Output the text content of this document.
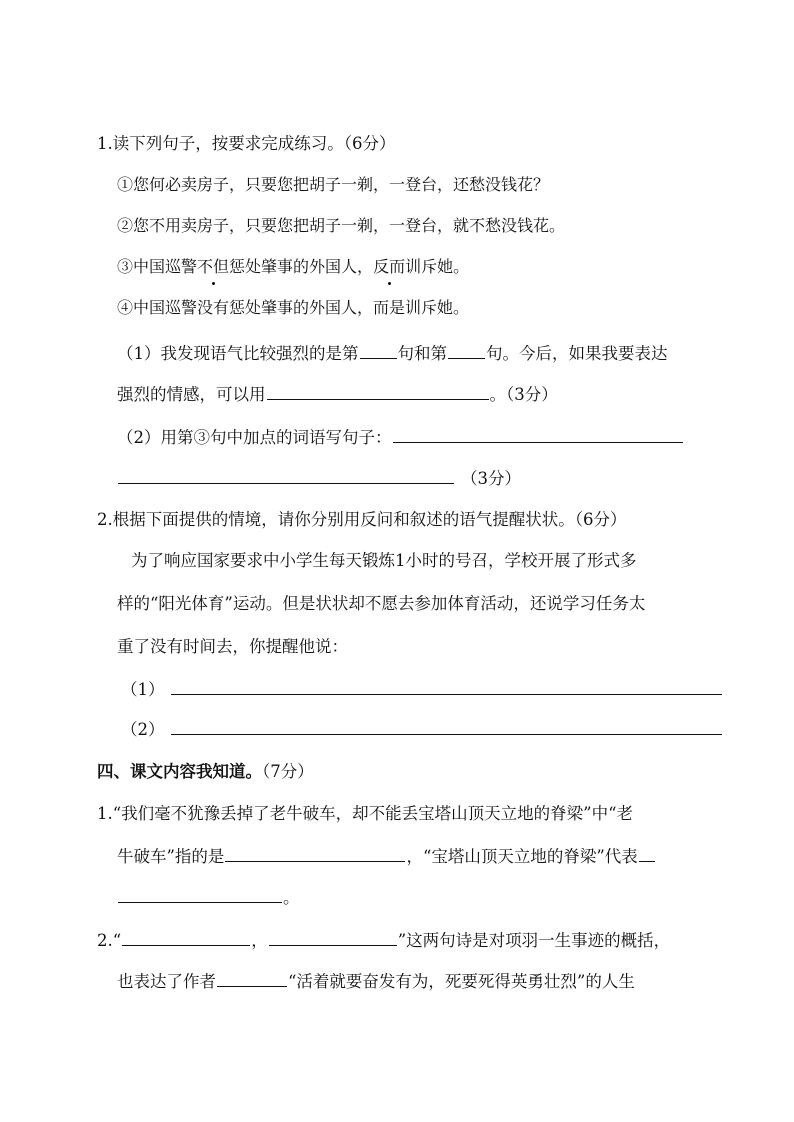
1.读下列句子，按要求完成练习。（6分）
①您何必卖房子，只要您把胡子一剃，一登台，还愁没钱花？
②您不用卖房子，只要您把胡子一剃，一登台，就不愁没钱花。
③中国巡警不但惩处肇事的外国人，反而训斥她。
④中国巡警没有惩处肇事的外国人，而是训斥她。
（1）我发现语气比较强烈的是第 句和第 句。今后，如果我要表达
强烈的情感，可以用	。（3分）
（2）用第③句中加点的词语写句子：
（3分）
2.根据下面提供的情境，请你分别用反问和叙述的语气提醒状状。（6分）
为了响应国家要求中小学生每天锻炼1小时的号召，学校开展了形式多
样的“阳光体育”运动。但是状状却不愿去参加体育活动，还说学习任务太
重了没有时间去，你提醒他说：
（1）
（2）
四、课文内容我知道。（7分）
1.“我们毫不犹豫丢掉了老牛破车，却不能丢宝塔山顶天立地的脊梁”中“老
牛破车”指的是	，“宝塔山顶天立地的脊梁”代表
。
2.“	，	”这两句诗是对项羽一生事迹的概括，
也表达了作者	“活着就要奋发有为，死要死得英勇壮烈”的人生
